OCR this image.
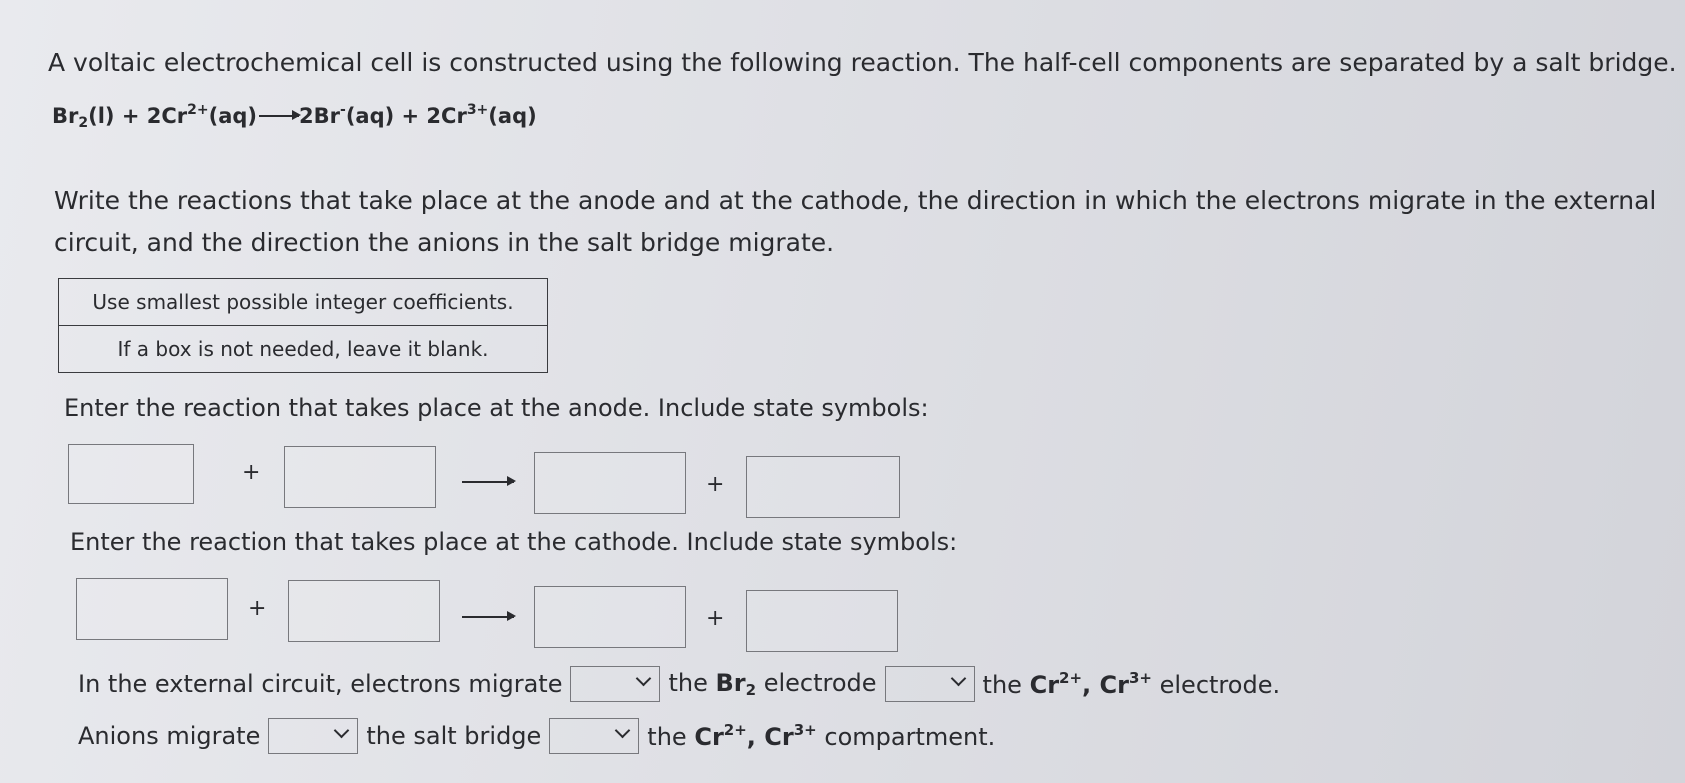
A voltaic electrochemical cell is constructed using the following reaction. The half-cell components are separated by a salt bridge.
$Br_2(l) + 2Cr^{2+}(aq) 2Br^-(aq) + 2Cr^{3+}(aq)$
Write the reactions that take place at the anode and at the cathode, the direction in which the electrons migrate in the external
circuit, and the direction the anions in the salt bridge migrate.
Use smallest possible integer coefficients.
If a box is not needed, leave it blank.
Enter the reaction that takes place at the anode. Include state symbols:
+	+
Enter the reaction that takes place at the cathode. Include state symbols:
+	+
In the external circuit, electrons migrate	the $Br_2$ electrode	the $Cr^{2+}$, $Cr^{3+}$ electrode.
Anions migrate	the salt bridge	the $Cr^{2+}$, $Cr^{3+}$ compartment.
